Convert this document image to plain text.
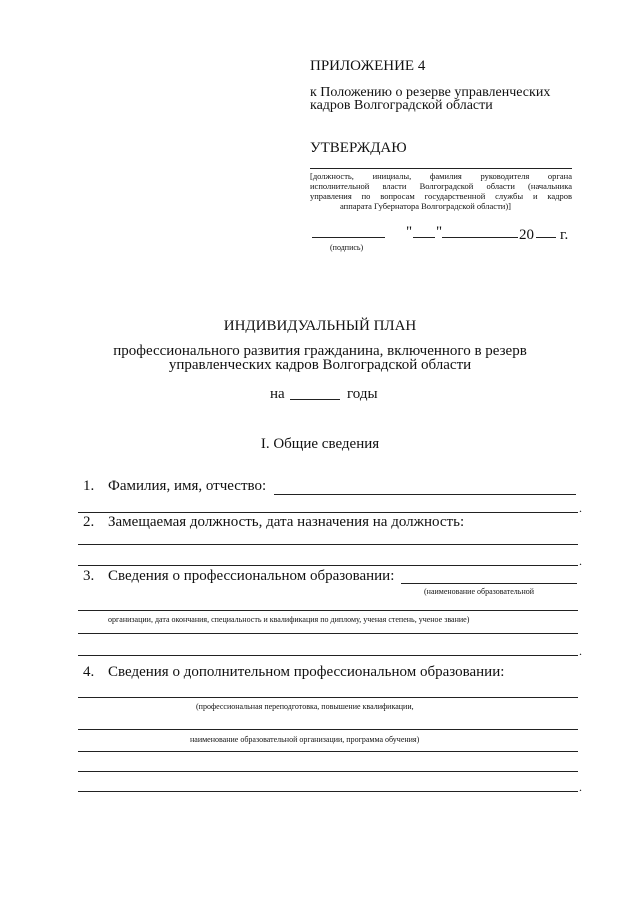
ПРИЛОЖЕНИЕ 4
к Положению о резерве управленческих
кадров Волгоградской области
УТВЕРЖДАЮ
[должность, инициалы, фамилия руководителя органа
исполнительной власти Волгоградской области (начальника
управления по вопросам государственной службы и кадров
аппарата Губернатора Волгоградской области)]
(подпись)
" "	20 г.
ИНДИВИДУАЛЬНЫЙ ПЛАН
профессионального развития гражданина, включенного в резерв
управленческих кадров Волгоградской области
на	годы
I. Общие сведения
1. Фамилия, имя, отчество:
.
2. Замещаемая должность, дата назначения на должность:
.
3. Сведения о профессиональном образовании:
(наименование образовательной
организации, дата окончания, специальность и квалификация по диплому, ученая степень, ученое звание)
.
4. Сведения о дополнительном профессиональном образовании:
(профессиональная переподготовка, повышение квалификации,
наименование образовательной организации, программа обучения)
.
